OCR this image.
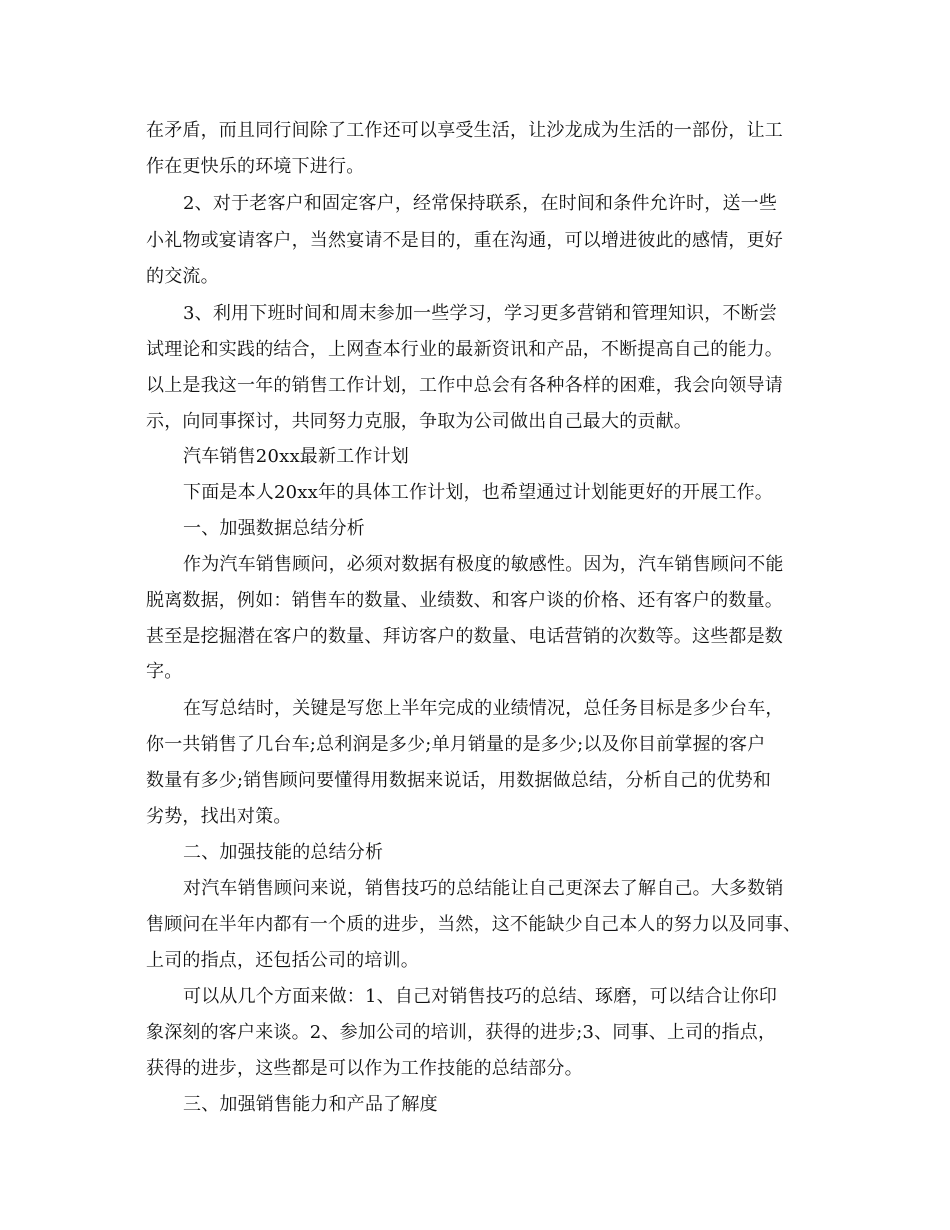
在矛盾，而且同行间除了工作还可以享受生活，让沙龙成为生活的一部份，让工
作在更快乐的环境下进行。
2、对于老客户和固定客户，经常保持联系，在时间和条件允许时，送一些
小礼物或宴请客户，当然宴请不是目的，重在沟通，可以增进彼此的感情，更好
的交流。
3、利用下班时间和周末参加一些学习，学习更多营销和管理知识，不断尝
试理论和实践的结合，上网查本行业的最新资讯和产品，不断提高自己的能力。
以上是我这一年的销售工作计划，工作中总会有各种各样的困难，我会向领导请
示，向同事探讨，共同努力克服，争取为公司做出自己最大的贡献。
汽车销售20xx最新工作计划
下面是本人20xx年的具体工作计划，也希望通过计划能更好的开展工作。
一、加强数据总结分析
作为汽车销售顾问，必须对数据有极度的敏感性。因为，汽车销售顾问不能
脱离数据，例如：销售车的数量、业绩数、和客户谈的价格、还有客户的数量。
甚至是挖掘潜在客户的数量、拜访客户的数量、电话营销的次数等。这些都是数
字。
在写总结时，关键是写您上半年完成的业绩情况，总任务目标是多少台车，
你一共销售了几台车;总利润是多少;单月销量的是多少;以及你目前掌握的客户
数量有多少;销售顾问要懂得用数据来说话，用数据做总结，分析自己的优势和
劣势，找出对策。
二、加强技能的总结分析
对汽车销售顾问来说，销售技巧的总结能让自己更深去了解自己。大多数销
售顾问在半年内都有一个质的进步，当然，这不能缺少自己本人的努力以及同事、
上司的指点，还包括公司的培训。
可以从几个方面来做：1、自己对销售技巧的总结、琢磨，可以结合让你印
象深刻的客户来谈。2、参加公司的培训，获得的进步;3、同事、上司的指点，
获得的进步，这些都是可以作为工作技能的总结部分。
三、加强销售能力和产品了解度
